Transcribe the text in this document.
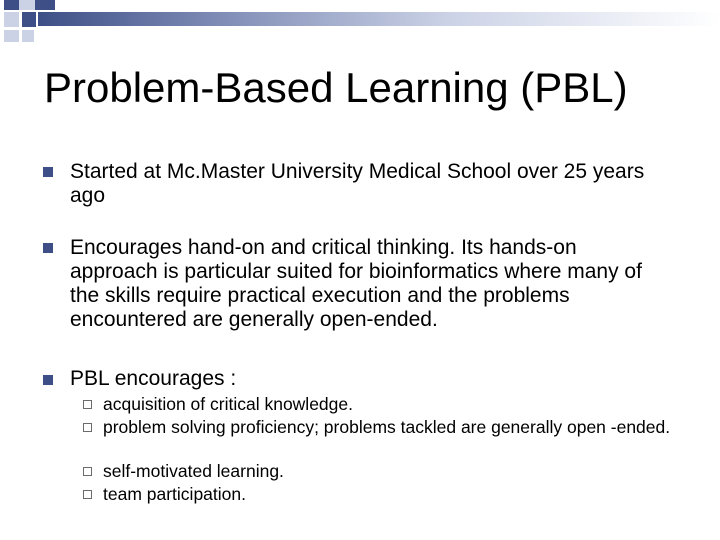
Problem-Based Learning (PBL)
Started at Mc.Master University Medical School over 25 years ago
Encourages hand-on and critical thinking. Its hands-on approach is particular suited for bioinformatics where many of the skills require practical execution and the problems encountered are generally open-ended.
PBL encourages :
acquisition of critical knowledge.
problem solving proficiency; problems tackled are generally open -ended.
self-motivated learning.
team participation.
